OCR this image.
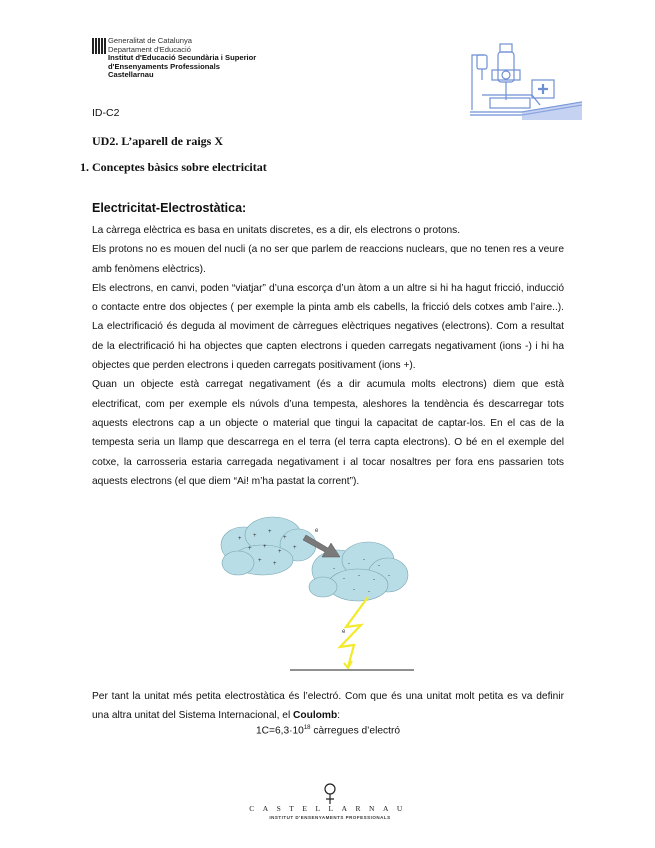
Generalitat de Catalunya
Departament d'Educació
Institut d'Educació Secundària i Superior
d'Ensenyaments Professionals
Castellarnau
ID-C2
UD2. L’aparell de raigs X
1. Conceptes bàsics sobre electricitat
Electricitat-Electrostàtica:

La càrrega elèctrica es basa en unitats discretes, es a dir, els electrons o protons.

Els protons no es mouen del nucli (a no ser que parlem de reaccions nuclears, que no tenen res a veure amb fenòmens elèctrics).

Els electrons, en canvi, poden “viatjar” d’una escorça d’un àtom a un altre si hi ha hagut fricció, inducció o contacte entre dos objectes ( per exemple la pinta amb els cabells, la fricció dels cotxes amb l’aire..). La electrificació és deguda al moviment de càrregues elèctriques negatives (electrons). Com a resultat de la electrificació hi ha objectes que capten electrons i queden carregats negativament (ions -) i hi ha objectes que perden electrons i queden carregats positivament (ions +).

Quan un objecte està carregat negativament (és a dir acumula molts electrons) diem que està electrificat, com per exemple els núvols d’una tempesta, aleshores la tendència és descarregar tots aquests electrons cap a un objecte o material que tingui la capacitat de captar-los. En el cas de la tempesta seria un llamp que descarrega en el terra (el terra capta electrons). O bé en el exemple del cotxe, la carrosseria estaria carregada negativament i al tocar nosaltres per fora ens passarien tots aquests electrons (el que diem “Ai! m’ha pastat la corrent”).

+ +
+
+
+ +
+
+
+ +
-
-
-
-
- -
-
-
- -
e
e

Per tant la unitat més petita electrostàtica és l’electró. Com que és una unitat molt petita es va definir una altra unitat del Sistema Internacional, el Coulomb:

$1C=6,3\cdot 10^{18}$ càrregues d’electró
CASTELLARNAU
INSTITUT D'ENSENYAMENTS PROFESSIONALS
